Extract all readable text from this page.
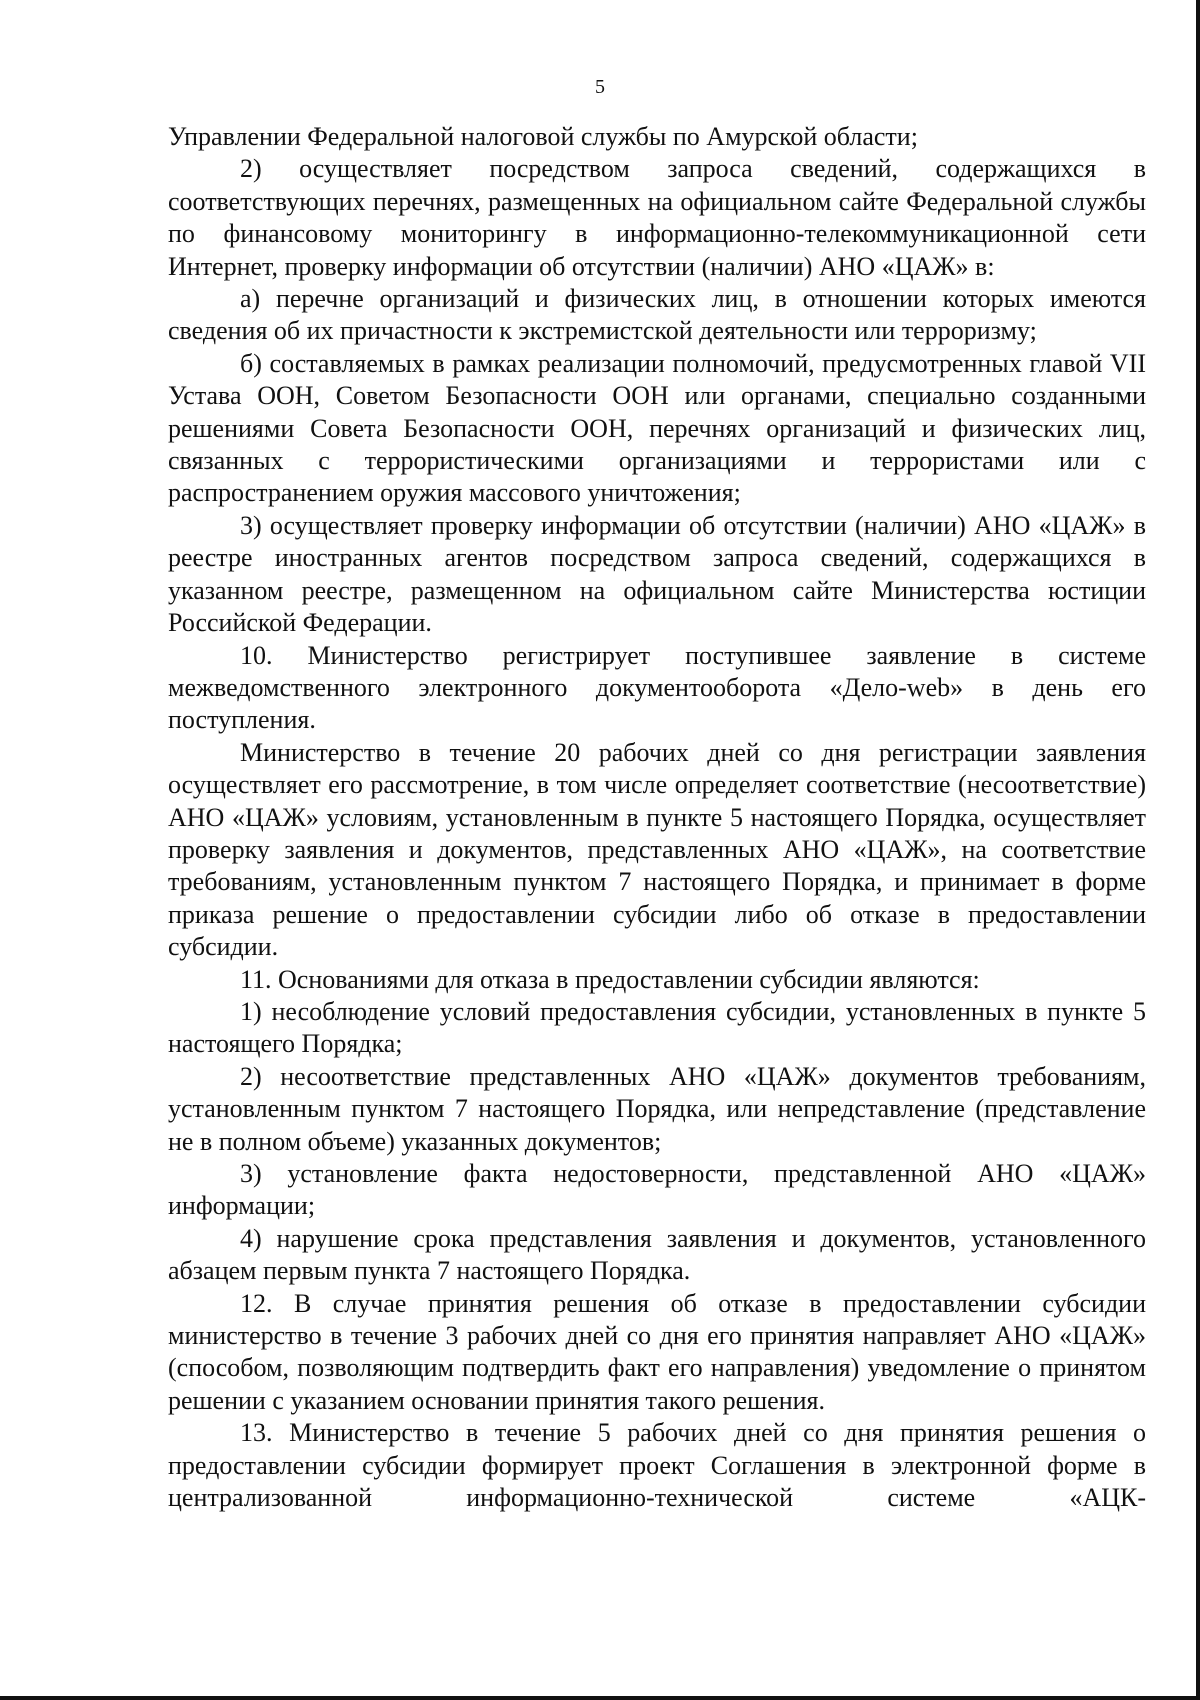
5

Управлении Федеральной налоговой службы по Амурской области;

2) осуществляет посредством запроса сведений, содержащихся в соответствующих перечнях, размещенных на официальном сайте Федеральной службы по финансовому мониторингу в информационно-телекоммуникационной сети Интернет, проверку информации об отсутствии (наличии) АНО «ЦАЖ» в:

а) перечне организаций и физических лиц, в отношении которых имеются сведения об их причастности к экстремистской деятельности или терроризму;

б) составляемых в рамках реализации полномочий, предусмотренных главой VII Устава ООН, Советом Безопасности ООН или органами, специально созданными решениями Совета Безопасности ООН, перечнях организаций и физических лиц, связанных с террористическими организациями и террористами или с распространением оружия массового уничтожения;

3) осуществляет проверку информации об отсутствии (наличии) АНО «ЦАЖ» в реестре иностранных агентов посредством запроса сведений, содержащихся в указанном реестре, размещенном на официальном сайте Министерства юстиции Российской Федерации.

10. Министерство регистрирует поступившее заявление в системе межведомственного электронного документооборота «Дело-web» в день его поступления.

Министерство в течение 20 рабочих дней со дня регистрации заявления осуществляет его рассмотрение, в том числе определяет соответствие (несоответствие) АНО «ЦАЖ» условиям, установленным в пункте 5 настоящего Порядка, осуществляет проверку заявления и документов, представленных АНО «ЦАЖ», на соответствие требованиям, установленным пунктом 7 настоящего Порядка, и принимает в форме приказа решение о предоставлении субсидии либо об отказе в предоставлении субсидии.

11. Основаниями для отказа в предоставлении субсидии являются:

1) несоблюдение условий предоставления субсидии, установленных в пункте 5 настоящего Порядка;

2) несоответствие представленных АНО «ЦАЖ» документов требованиям, установленным пунктом 7 настоящего Порядка, или непредставление (представление не в полном объеме) указанных документов;

3) установление факта недостоверности, представленной АНО «ЦАЖ» информации;

4) нарушение срока представления заявления и документов, установленного абзацем первым пункта 7 настоящего Порядка.

12. В случае принятия решения об отказе в предоставлении субсидии министерство в течение 3 рабочих дней со дня его принятия направляет АНО «ЦАЖ» (способом, позволяющим подтвердить факт его направления) уведомление о принятом решении с указанием основании принятия такого решения.

13. Министерство в течение 5 рабочих дней со дня принятия решения о предоставлении субсидии формирует проект Соглашения в электронной форме в централизованной информационно-технической системе «АЦК-
